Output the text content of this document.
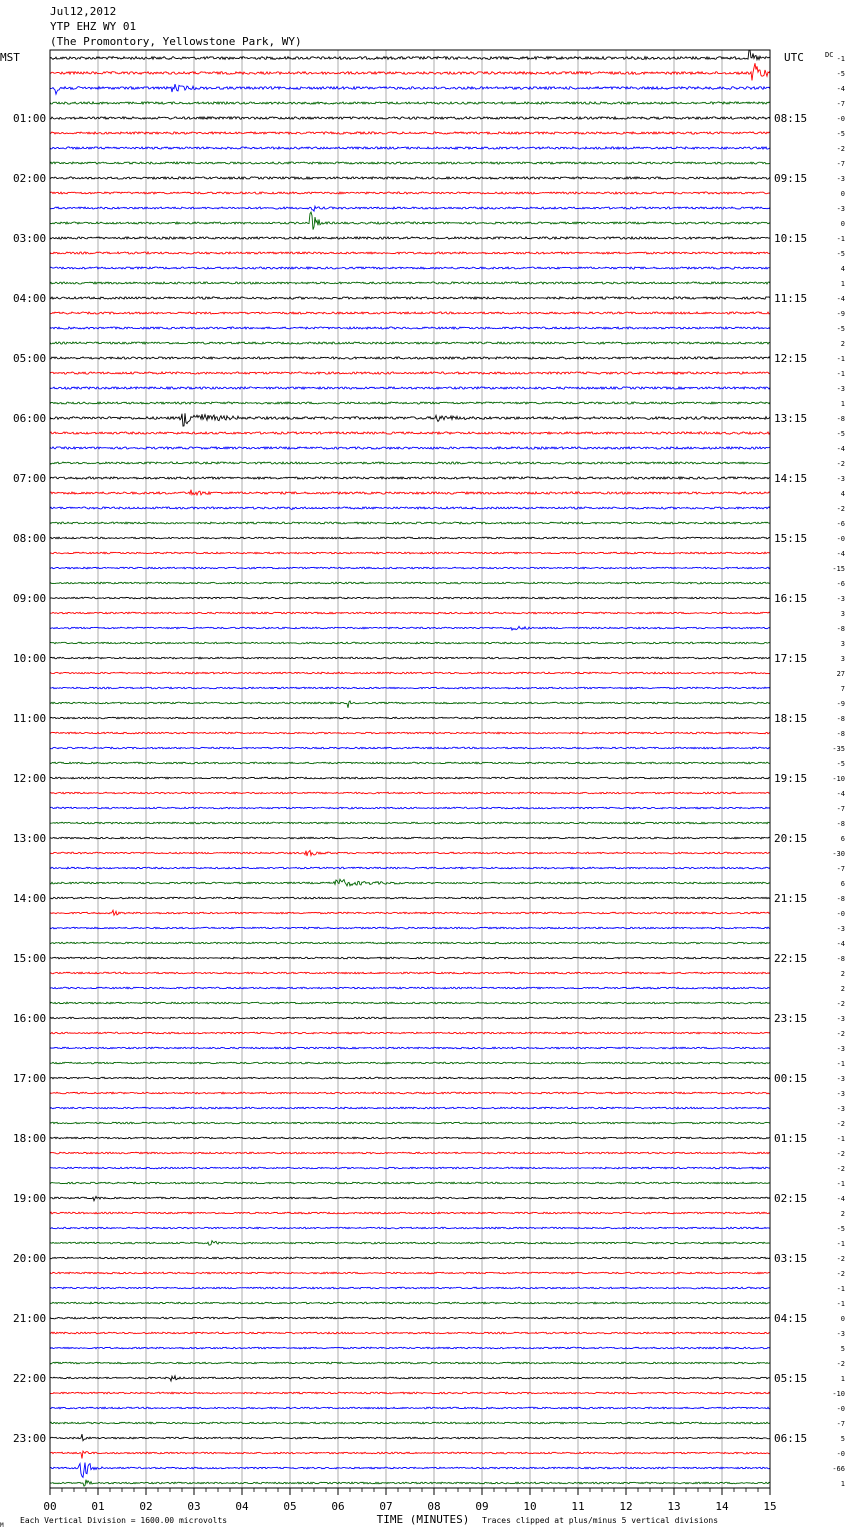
Jul12,2012
YTP EHZ WY 01
(The Promontory, Yellowstone Park, WY)
MST	UTC	DC
01:00	08:15
02:00	09:15
03:00	10:15
04:00	11:15
05:00	12:15
06:00	13:15
07:00	14:15
08:00	15:15
09:00	16:15
10:00	17:15
11:00	18:15
12:00	19:15
13:00	20:15
14:00	21:15
15:00	22:15
16:00	23:15
17:00	00:15
18:00	01:15
19:00	02:15
20:00	03:15
21:00	04:15
22:00	05:15
23:00	06:15
-1
-5
-4
-7
-0
-5
-2
-7
-3
0
-3
0
-1
-5
4
1
-4
-9
-5
2
-1
-1
-3
1
-8
-5
-4
-2
-3
4
-2
-6
-0
-4
-15
-6
-3
3
-8
3
3
27
7
-9
-8
-8
-35
-5
-10
-4
-7
-8
6
-30
-7
6
-8
-0
-3
-4
-8
2
2
-2
-3
-2
-3
-1
-3
-3
-3
-2
-1
-2
-2
-1
-4
2
-5
-1
-2
-2
-1
-1
0
-3
5
-2
1
-10
-0
-7
5
-0
-66
1
00	01	02	03	04	05	06	07	08	09	10	11	12	13	14	15
TIME (MINUTES)
M
Each Vertical Division = 1600.00 microvolts	Traces clipped at plus/minus 5 vertical divisions
